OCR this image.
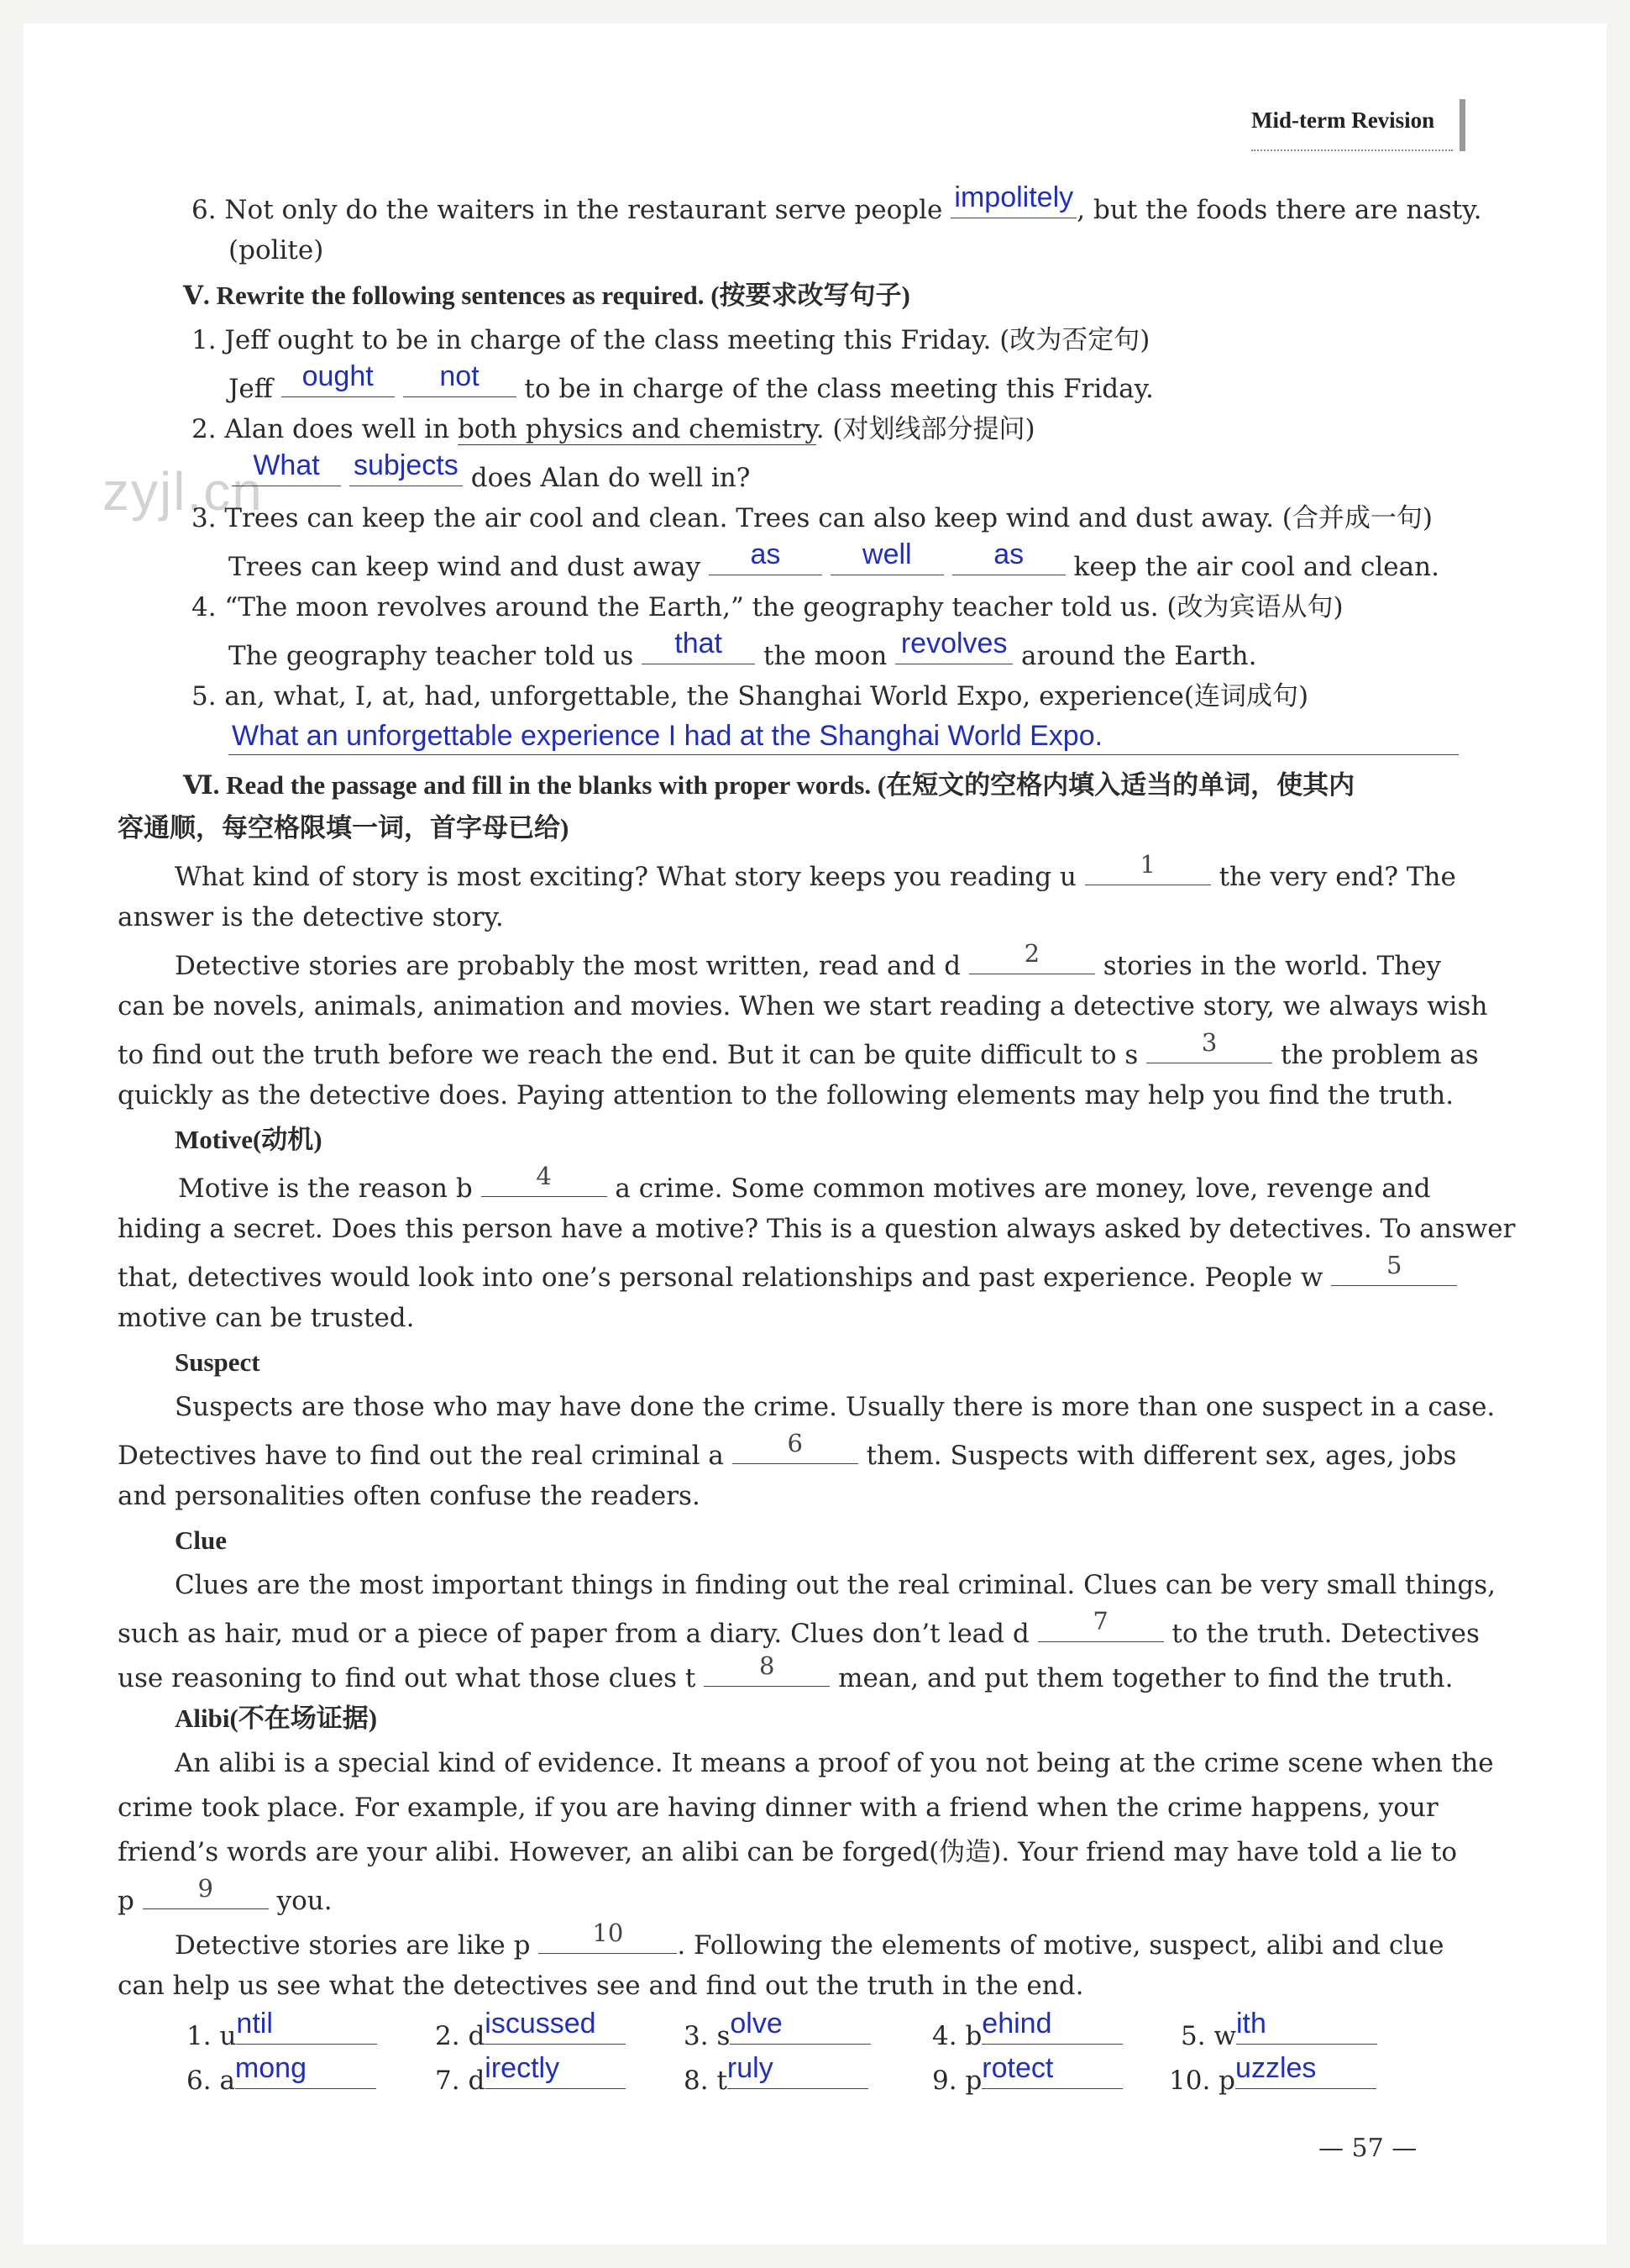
Mid-term Revision
zyjl.cn
6. Not only do the waiters in the restaurant serve people impolitely , but the foods there are nasty.
(polite)
Ⅴ. Rewrite the following sentences as required. (按要求改写句子)
1. Jeff ought to be in charge of the class meeting this Friday. (改为否定句)
Jeff	ought
	not	to be in charge of the class meeting this Friday.
2. Alan does well in both physics and chemistry. (对划线部分提问)
What
	subjects does Alan do well in?
3. Trees can keep the air cool and clean. Trees can also keep wind and dust away. (合并成一句)
Trees can keep wind and dust away	as
	well
	as	keep the air cool and clean.
4. “The moon revolves around the Earth,” the geography teacher told us. (改为宾语从句)
The geography teacher told us	that	the moon revolves around the Earth.
5. an, what, I, at, had, unforgettable, the Shanghai World Expo, experience(连词成句)
What an unforgettable experience I had at the Shanghai World Expo.
Ⅵ. Read the passage and fill in the blanks with proper words. (在短文的空格内填入适当的单词，使其内
容通顺，每空格限填一词，首字母已给)
What kind of story is most exciting? What story keeps you reading u	1	the very end? The
answer is the detective story.
Detective stories are probably the most written, read and d	2	stories in the world. They
can be novels, animals, animation and movies. When we start reading a detective story, we always wish
to find out the truth before we reach the end. But it can be quite difficult to s	3	the problem as
quickly as the detective does. Paying attention to the following elements may help you find the truth.
Motive(动机)
Motive is the reason b	4	a crime. Some common motives are money, love, revenge and
hiding a secret. Does this person have a motive? This is a question always asked by detectives. To answer
that, detectives would look into one’s personal relationships and past experience. People w	5
motive can be trusted.
Suspect
Suspects are those who may have done the crime. Usually there is more than one suspect in a case.
Detectives have to find out the real criminal a	6	them. Suspects with different sex, ages, jobs
and personalities often confuse the readers.
Clue
Clues are the most important things in finding out the real criminal. Clues can be very small things,
such as hair, mud or a piece of paper from a diary. Clues don’t lead d	7	to the truth. Detectives
use reasoning to find out what those clues t	8	mean, and put them together to find the truth.
Alibi(不在场证据)
An alibi is a special kind of evidence. It means a proof of you not being at the crime scene when the
crime took place. For example, if you are having dinner with a friend when the crime happens, your
friend’s words are your alibi. However, an alibi can be forged(伪造). Your friend may have told a lie to
p	9	you.
Detective stories are like p	10	. Following the elements of motive, suspect, alibi and clue
can help us see what the detectives see and find out the truth in the end.
1. u ntil	2. d iscussed	3. s olve	4. b ehind	5. w ith
6. a mong	7. d irectly	8. t ruly	9. p rotect	10. p uzzles
— 57 —
